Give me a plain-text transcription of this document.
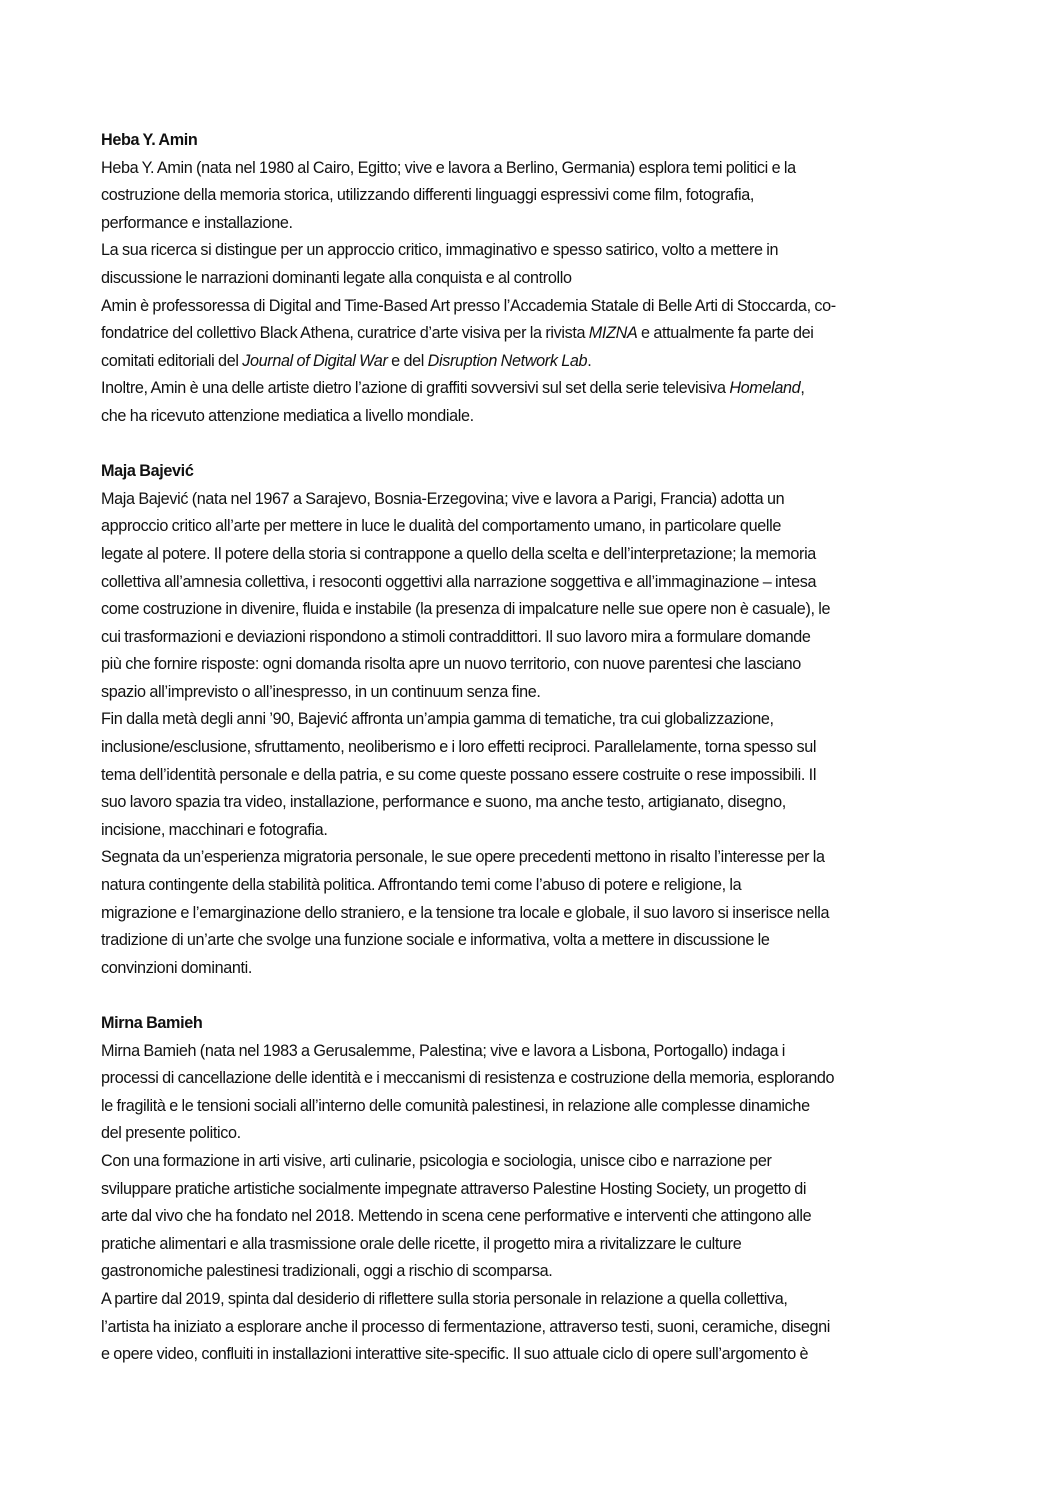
Heba Y. Amin
Heba Y. Amin (nata nel 1980 al Cairo, Egitto; vive e lavora a Berlino, Germania) esplora temi politici e la
costruzione della memoria storica, utilizzando differenti linguaggi espressivi come film, fotografia,
performance e installazione.
La sua ricerca si distingue per un approccio critico, immaginativo e spesso satirico, volto a mettere in
discussione le narrazioni dominanti legate alla conquista e al controllo
Amin è professoressa di Digital and Time-Based Art presso l’Accademia Statale di Belle Arti di Stoccarda, co-
fondatrice del collettivo Black Athena, curatrice d’arte visiva per la rivista MIZNA e attualmente fa parte dei
comitati editoriali del Journal of Digital War e del Disruption Network Lab.
Inoltre, Amin è una delle artiste dietro l’azione di graffiti sovversivi sul set della serie televisiva Homeland,
che ha ricevuto attenzione mediatica a livello mondiale.
Maja Bajević
Maja Bajević (nata nel 1967 a Sarajevo, Bosnia-Erzegovina; vive e lavora a Parigi, Francia) adotta un
approccio critico all’arte per mettere in luce le dualità del comportamento umano, in particolare quelle
legate al potere. Il potere della storia si contrappone a quello della scelta e dell’interpretazione; la memoria
collettiva all’amnesia collettiva, i resoconti oggettivi alla narrazione soggettiva e all’immaginazione – intesa
come costruzione in divenire, fluida e instabile (la presenza di impalcature nelle sue opere non è casuale), le
cui trasformazioni e deviazioni rispondono a stimoli contraddittori. Il suo lavoro mira a formulare domande
più che fornire risposte: ogni domanda risolta apre un nuovo territorio, con nuove parentesi che lasciano
spazio all’imprevisto o all’inespresso, in un continuum senza fine.
Fin dalla metà degli anni ’90, Bajević affronta un’ampia gamma di tematiche, tra cui globalizzazione,
inclusione/esclusione, sfruttamento, neoliberismo e i loro effetti reciproci. Parallelamente, torna spesso sul
tema dell’identità personale e della patria, e su come queste possano essere costruite o rese impossibili. Il
suo lavoro spazia tra video, installazione, performance e suono, ma anche testo, artigianato, disegno,
incisione, macchinari e fotografia.
Segnata da un’esperienza migratoria personale, le sue opere precedenti mettono in risalto l’interesse per la
natura contingente della stabilità politica. Affrontando temi come l’abuso di potere e religione, la
migrazione e l’emarginazione dello straniero, e la tensione tra locale e globale, il suo lavoro si inserisce nella
tradizione di un’arte che svolge una funzione sociale e informativa, volta a mettere in discussione le
convinzioni dominanti.
Mirna Bamieh
Mirna Bamieh (nata nel 1983 a Gerusalemme, Palestina; vive e lavora a Lisbona, Portogallo) indaga i
processi di cancellazione delle identità e i meccanismi di resistenza e costruzione della memoria, esplorando
le fragilità e le tensioni sociali all’interno delle comunità palestinesi, in relazione alle complesse dinamiche
del presente politico.
Con una formazione in arti visive, arti culinarie, psicologia e sociologia, unisce cibo e narrazione per
sviluppare pratiche artistiche socialmente impegnate attraverso Palestine Hosting Society, un progetto di
arte dal vivo che ha fondato nel 2018. Mettendo in scena cene performative e interventi che attingono alle
pratiche alimentari e alla trasmissione orale delle ricette, il progetto mira a rivitalizzare le culture
gastronomiche palestinesi tradizionali, oggi a rischio di scomparsa.
A partire dal 2019, spinta dal desiderio di riflettere sulla storia personale in relazione a quella collettiva,
l’artista ha iniziato a esplorare anche il processo di fermentazione, attraverso testi, suoni, ceramiche, disegni
e opere video, confluiti in installazioni interattive site-specific. Il suo attuale ciclo di opere sull’argomento è
